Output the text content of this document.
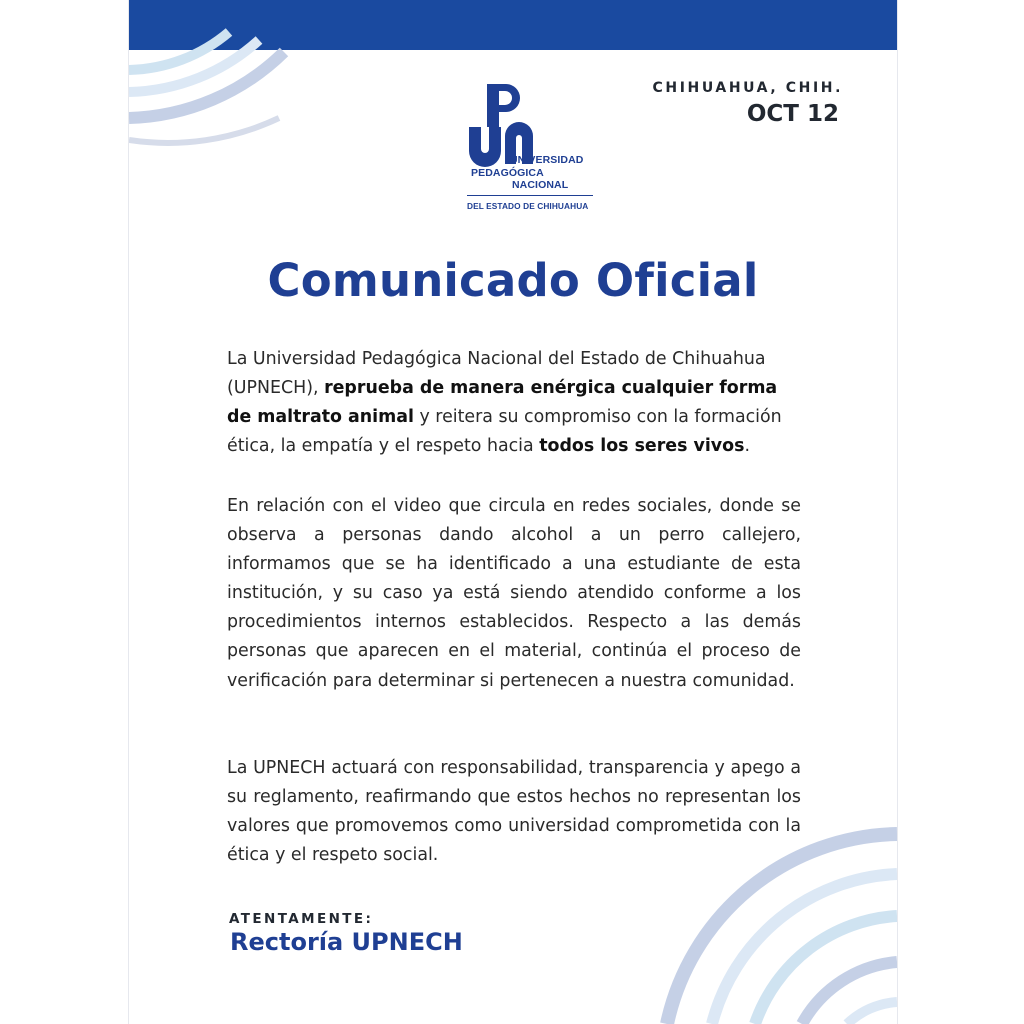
UNIVERSIDAD
PEDAGÓGICA
NACIONAL
DEL ESTADO DE CHIHUAHUA
CHIHUAHUA, CHIH.
OCT 12
Comunicado Oficial

La Universidad Pedagógica Nacional del Estado de Chihuahua (UPNECH), reprueba de manera enérgica cualquier forma de maltrato animal y reitera su compromiso con la formación ética, la empatía y el respeto hacia todos los seres vivos.

En relación con el video que circula en redes sociales, donde se observa a personas dando alcohol a un perro callejero, informamos que se ha identificado a una estudiante de esta institución, y su caso ya está siendo atendido conforme a los procedimientos internos establecidos. Respecto a las demás personas que aparecen en el material, continúa el proceso de verificación para determinar si pertenecen a nuestra comunidad.

La UPNECH actuará con responsabilidad, transparencia y apego a su reglamento, reafirmando que estos hechos no representan los valores que promovemos como universidad comprometida con la ética y el respeto social.

ATENTAMENTE:
Rectoría UPNECH
